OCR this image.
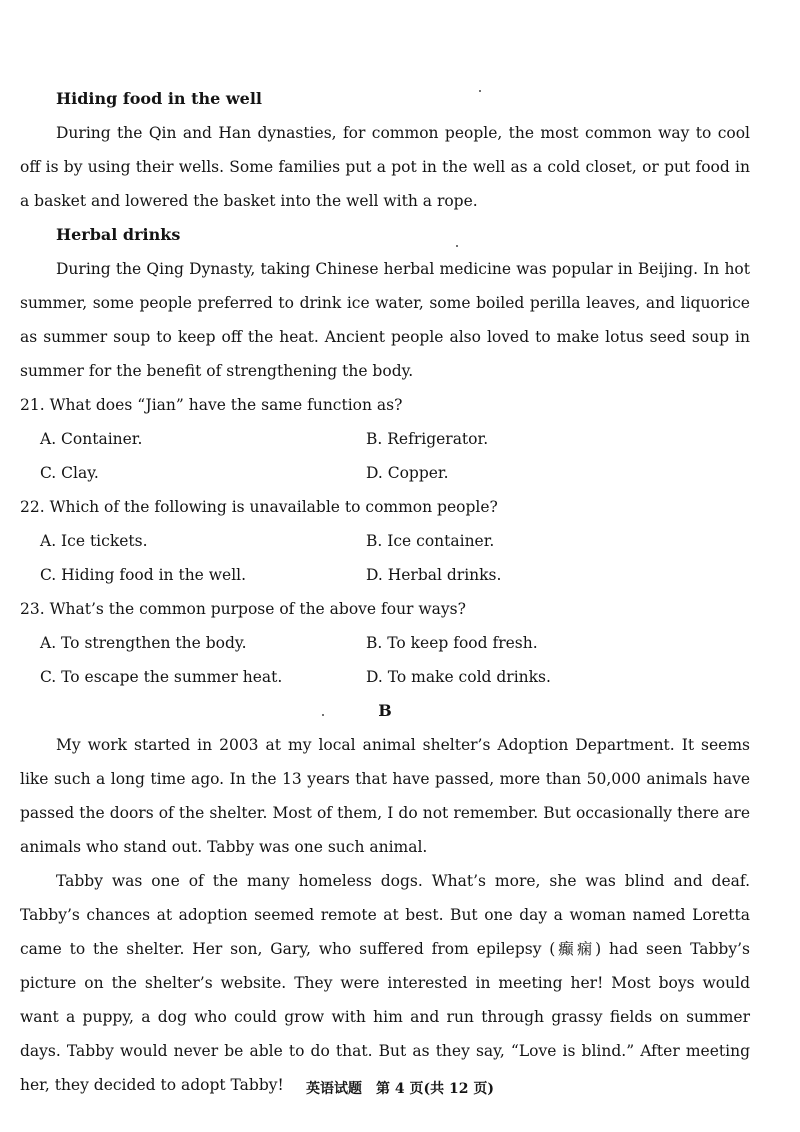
Hiding food in the well

During the Qin and Han dynasties, for common people, the most common way to cool off is by using their wells. Some families put a pot in the well as a cold closet, or put food in a basket and lowered the basket into the well with a rope.

Herbal drinks

During the Qing Dynasty, taking Chinese herbal medicine was popular in Beijing. In hot summer, some people preferred to drink ice water, some boiled perilla leaves, and liquorice as summer soup to keep off the heat. Ancient people also loved to make lotus seed soup in summer for the benefit of strengthening the body.

21. What does “Jian” have the same function as?

A. Container.	B. Refrigerator.

C. Clay.	D. Copper.

22. Which of the following is unavailable to common people?

A. Ice tickets.	B. Ice container.

C. Hiding food in the well.	D. Herbal drinks.

23. What’s the common purpose of the above four ways?

A. To strengthen the body.	B. To keep food fresh.

C. To escape the summer heat.	D. To make cold drinks.

B

My work started in 2003 at my local animal shelter’s Adoption Department. It seems like such a long time ago. In the 13 years that have passed, more than 50,000 animals have passed the doors of the shelter. Most of them, I do not remember. But occasionally there are animals who stand out. Tabby was one such animal.

Tabby was one of the many homeless dogs. What’s more, she was blind and deaf. Tabby’s chances at adoption seemed remote at best. But one day a woman named Loretta came to the shelter. Her son, Gary, who suffered from epilepsy (癫痫) had seen Tabby’s picture on the shelter’s website. They were interested in meeting her! Most boys would want a puppy, a dog who could grow with him and run through grassy fields on summer days. Tabby would never be able to do that. But as they say, “Love is blind.” After meeting her, they decided to adopt Tabby!	英语试题　第 4 页(共 12 页)
